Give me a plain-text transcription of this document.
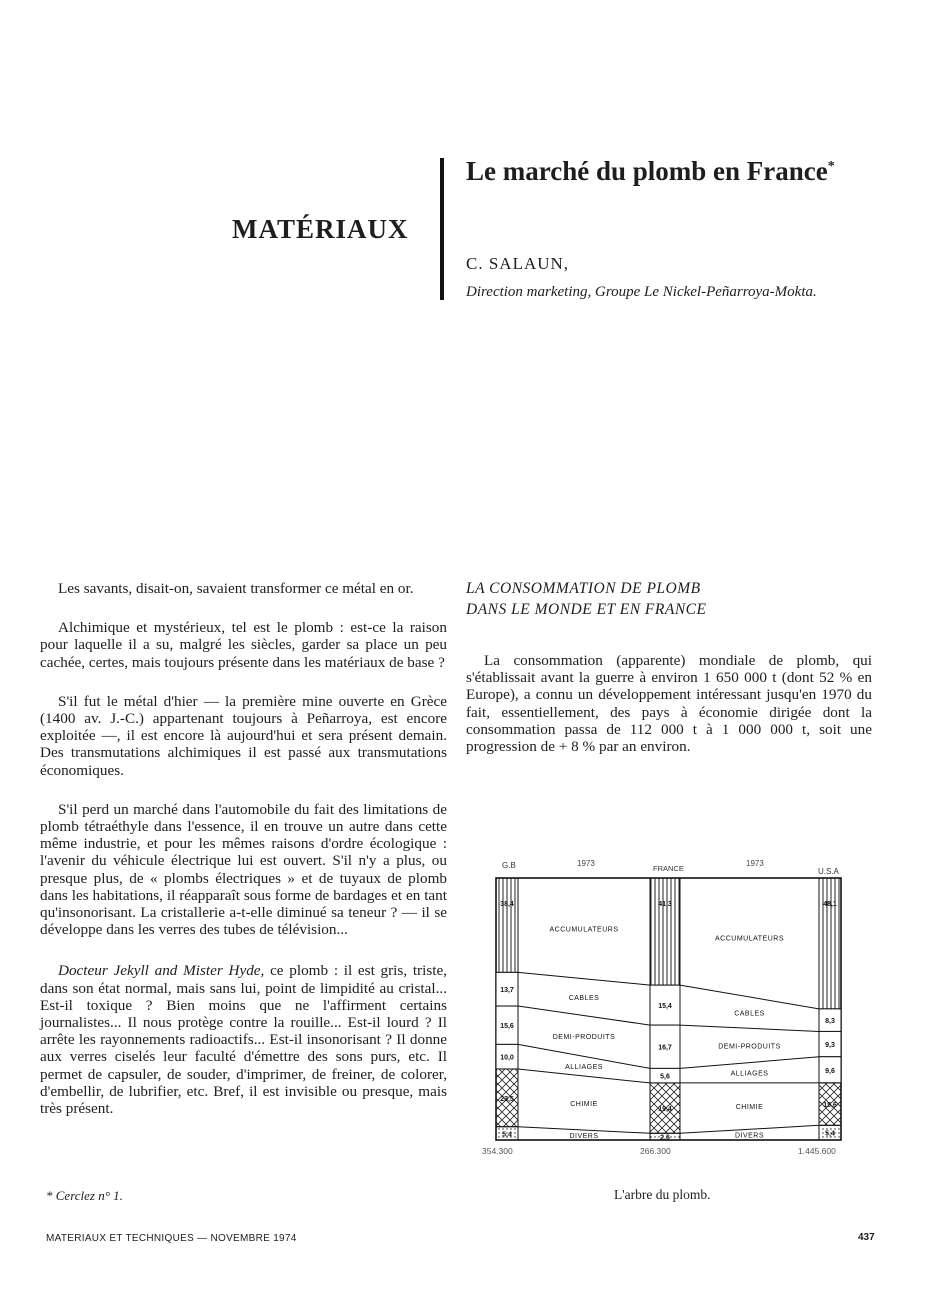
MATÉRIAUX
Le marché du plomb en France*
C. SALAUN,
Direction marketing, Groupe Le Nickel-Peñarroya-Mokta.

Les savants, disait-on, savaient transformer ce métal en or.

Alchimique et mystérieux, tel est le plomb : est-ce la raison pour laquelle il a su, malgré les siècles, garder sa place un peu cachée, certes, mais toujours présente dans les matériaux de base ?

S'il fut le métal d'hier — la première mine ouverte en Grèce (1400 av. J.-C.) appartenant toujours à Peñarroya, est encore exploitée —, il est encore là aujourd'hui et sera présent demain. Des transmutations alchimiques il est passé aux transmutations économiques.

S'il perd un marché dans l'automobile du fait des limitations de plomb tétraéthyle dans l'essence, il en trouve un autre dans cette même industrie, et pour les mêmes raisons d'ordre écologique : l'avenir du véhicule électrique lui est ouvert. S'il n'y a plus, ou presque plus, de « plombs électriques » et de tuyaux de plomb dans les habitations, il réapparaît sous forme de bardages et en tant qu'insonorisant. La cristallerie a-t-elle diminué sa teneur ? — il se développe dans les verres des tubes de télévision...

Docteur Jekyll and Mister Hyde, ce plomb : il est gris, triste, dans son état normal, mais sans lui, point de limpidité au cristal... Est-il toxique ? Bien moins que ne l'affirment certains journalistes... Il nous protège contre la rouille... Est-il lourd ? Il arrête les rayonnements radioactifs... Est-il insonorisant ? Il donne aux verres ciselés leur faculté d'émettre des sons purs, etc. Il permet de capsuler, de souder, d'imprimer, de freiner, de colorer, d'embellir, de lubrifier, etc. Bref, il est invisible ou presque, mais très présent.

LA CONSOMMATION DE PLOMB
DANS LE MONDE ET EN FRANCE

La consommation (apparente) mondiale de plomb, qui s'établissait avant la guerre à environ 1 650 000 t (dont 52 % en Europe), a connu un développement intéressant jusqu'en 1970 du fait, essentiellement, des pays à économie dirigée dont la consommation passa de 112 000 t à 1 000 000 t, soit une progression de + 8 % par an environ.

G.B	1973
FRANCE
1973
U.S.A
38,4
13,7
15,6
10,0
23,5
5,4
41,3
15,4
16,7
5,6
19,4
2,6
48,1
8,3
9,3
9,6
15,6
5,4
ACCUMULATEURS
CABLES
DEMI-PRODUITS
ALLIAGES
CHIMIE
DIVERS
ACCUMULATEURS
CABLES
DEMI-PRODUITS
ALLIAGES
CHIMIE
DIVERS
354.300	266.300	1.445.600
* Cerclez n° 1.	L'arbre du plomb.
MATERIAUX ET TECHNIQUES — NOVEMBRE 1974	437
